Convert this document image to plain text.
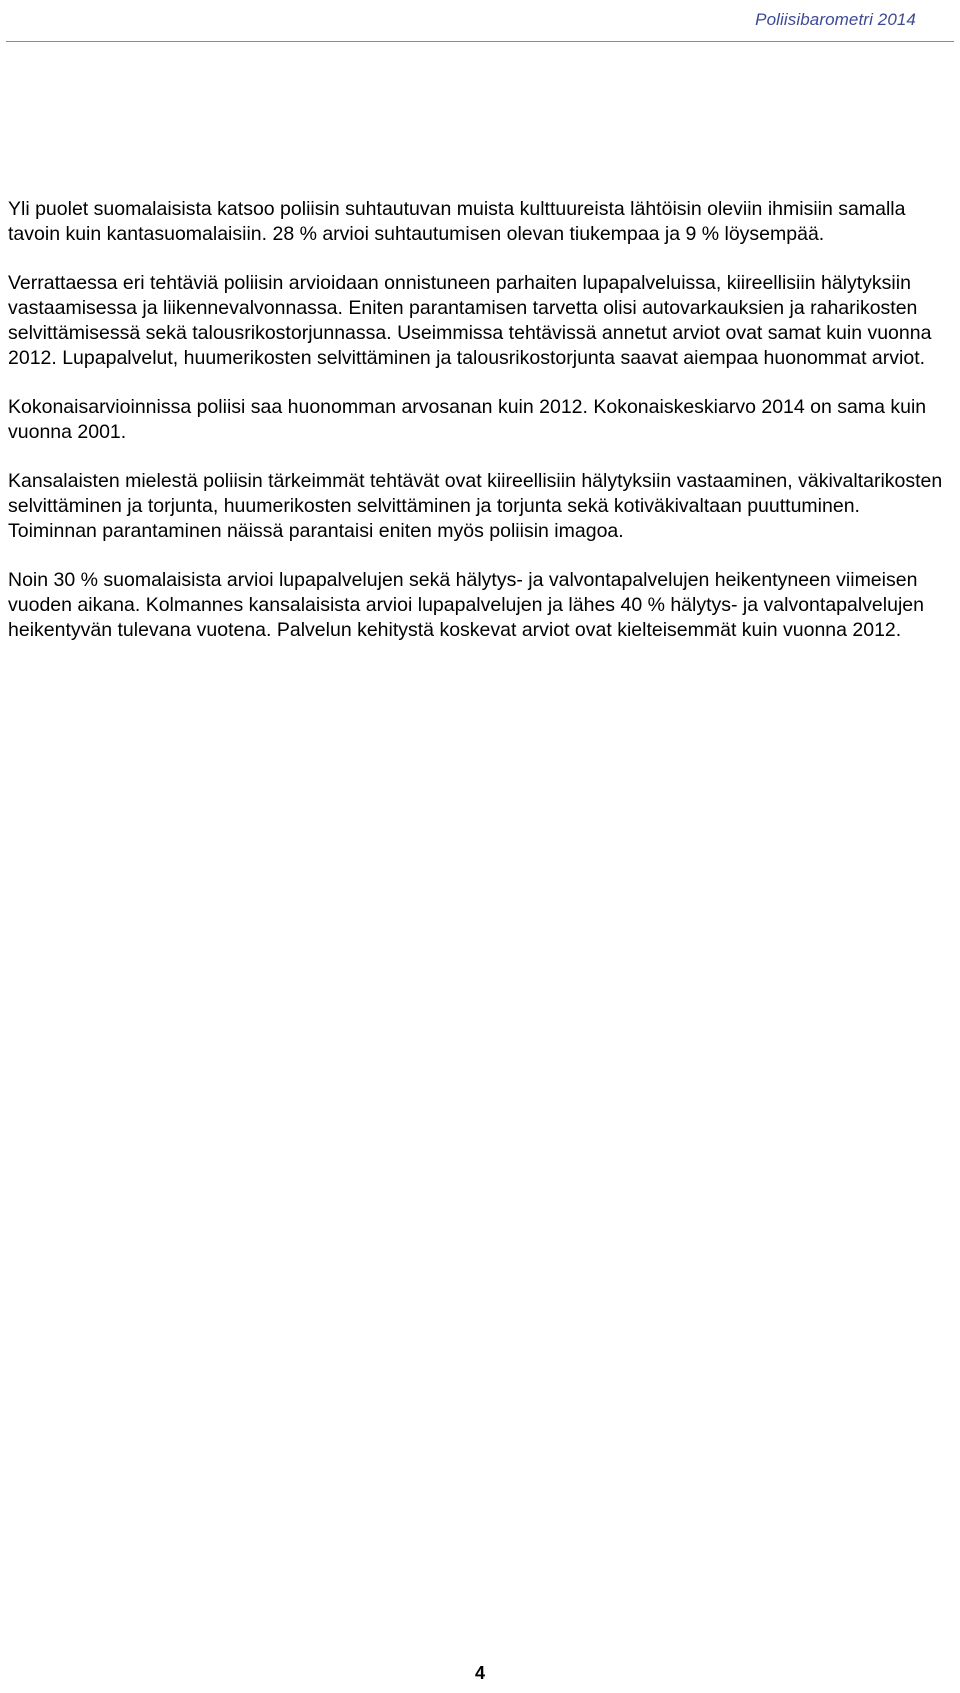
Poliisibarometri 2014

Yli puolet suomalaisista katsoo poliisin suhtautuvan muista kulttuureista lähtöisin oleviin ihmisiin samalla tavoin kuin kantasuomalaisiin. 28 % arvioi suhtautumisen olevan tiukempaa ja 9 % löysempää.

Verrattaessa eri tehtäviä poliisin arvioidaan onnistuneen parhaiten lupapalveluissa, kiireellisiin hälytyksiin vastaamisessa ja liikennevalvonnassa. Eniten parantamisen tarvetta olisi autovarkauksien ja raharikosten selvittämisessä sekä talousrikostorjunnassa. Useimmissa tehtävissä annetut arviot ovat samat kuin vuonna 2012. Lupapalvelut, huumerikosten selvittäminen ja talousrikostorjunta saavat aiempaa huonommat arviot.

Kokonaisarvioinnissa poliisi saa huonomman arvosanan kuin 2012. Kokonaiskeskiarvo 2014 on sama kuin vuonna 2001.

Kansalaisten mielestä poliisin tärkeimmät tehtävät ovat kiireellisiin hälytyksiin vastaaminen, väkivaltarikosten selvittäminen ja torjunta, huumerikosten selvittäminen ja torjunta sekä kotiväkivaltaan puuttuminen. Toiminnan parantaminen näissä parantaisi eniten myös poliisin imagoa.

Noin 30 % suomalaisista arvioi lupapalvelujen sekä hälytys- ja valvontapalvelujen heikentyneen viimeisen vuoden aikana. Kolmannes kansalaisista arvioi lupapalvelujen ja lähes 40 % hälytys- ja valvontapalvelujen heikentyvän tulevana vuotena. Palvelun kehitystä koskevat arviot ovat kielteisemmät kuin vuonna 2012.

4
